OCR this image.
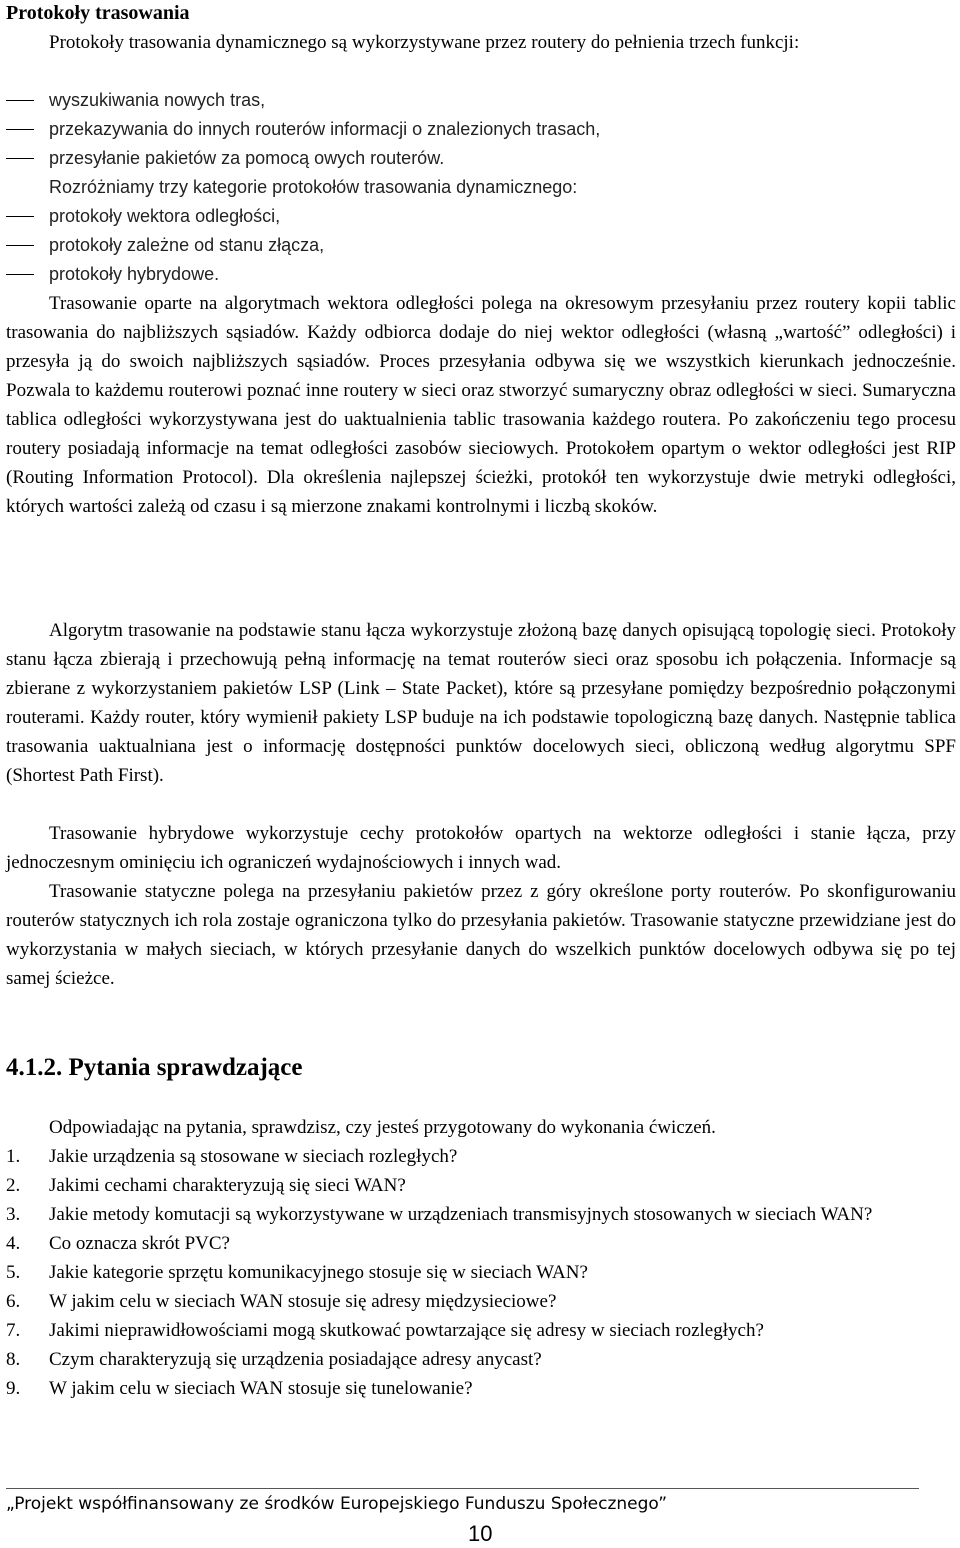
Protokoły trasowania
Protokoły trasowania dynamicznego są wykorzystywane przez routery do pełnienia trzech funkcji:
wyszukiwania nowych tras,
przekazywania do innych routerów informacji o znalezionych trasach,
przesyłanie pakietów za pomocą owych routerów.
Rozróżniamy trzy kategorie protokołów trasowania dynamicznego:
protokoły wektora odległości,
protokoły zależne od stanu złącza,
protokoły hybrydowe.
Trasowanie oparte na algorytmach wektora odległości polega na okresowym przesyłaniu przez routery kopii tablic trasowania do najbliższych sąsiadów. Każdy odbiorca dodaje do niej wektor odległości (własną „wartość” odległości) i przesyła ją do swoich najbliższych sąsiadów. Proces przesyłania odbywa się we wszystkich kierunkach jednocześnie. Pozwala to każdemu routerowi poznać inne routery w sieci oraz stworzyć sumaryczny obraz odległości w sieci. Sumaryczna tablica odległości wykorzystywana jest do uaktualnienia tablic trasowania każdego routera. Po zakończeniu tego procesu routery posiadają informacje na temat odległości zasobów sieciowych. Protokołem opartym o wektor odległości jest RIP (Routing Information Protocol). Dla określenia najlepszej ścieżki, protokół ten wykorzystuje dwie metryki odległości, których wartości zależą od czasu i są mierzone znakami kontrolnymi i liczbą skoków.
Algorytm trasowanie na podstawie stanu łącza wykorzystuje złożoną bazę danych opisującą topologię sieci. Protokoły stanu łącza zbierają i przechowują pełną informację na temat routerów sieci oraz sposobu ich połączenia. Informacje są zbierane z wykorzystaniem pakietów LSP (Link – State Packet), które są przesyłane pomiędzy bezpośrednio połączonymi routerami. Każdy router, który wymienił pakiety LSP buduje na ich podstawie topologiczną bazę danych. Następnie tablica trasowania uaktualniana jest o informację dostępności punktów docelowych sieci, obliczoną według algorytmu SPF (Shortest Path First).
Trasowanie hybrydowe wykorzystuje cechy protokołów opartych na wektorze odległości i stanie łącza, przy jednoczesnym ominięciu ich ograniczeń wydajnościowych i innych wad.
Trasowanie statyczne polega na przesyłaniu pakietów przez z góry określone porty routerów. Po skonfigurowaniu routerów statycznych ich rola zostaje ograniczona tylko do przesyłania pakietów. Trasowanie statyczne przewidziane jest do wykorzystania w małych sieciach, w których przesyłanie danych do wszelkich punktów docelowych odbywa się po tej samej ścieżce.
4.1.2. Pytania sprawdzające
Odpowiadając na pytania, sprawdzisz, czy jesteś przygotowany do wykonania ćwiczeń.
1. Jakie urządzenia są stosowane w sieciach rozległych?
2. Jakimi cechami charakteryzują się sieci WAN?
3. Jakie metody komutacji są wykorzystywane w urządzeniach transmisyjnych stosowanych w sieciach WAN?
4. Co oznacza skrót PVC?
5. Jakie kategorie sprzętu komunikacyjnego stosuje się w sieciach WAN?
6. W jakim celu w sieciach WAN stosuje się adresy międzysieciowe?
7. Jakimi nieprawidłowościami mogą skutkować powtarzające się adresy w sieciach rozległych?
8. Czym charakteryzują się urządzenia posiadające adresy anycast?
9. W jakim celu w sieciach WAN stosuje się tunelowanie?
„Projekt współfinansowany ze środków Europejskiego Funduszu Społecznego”
10
